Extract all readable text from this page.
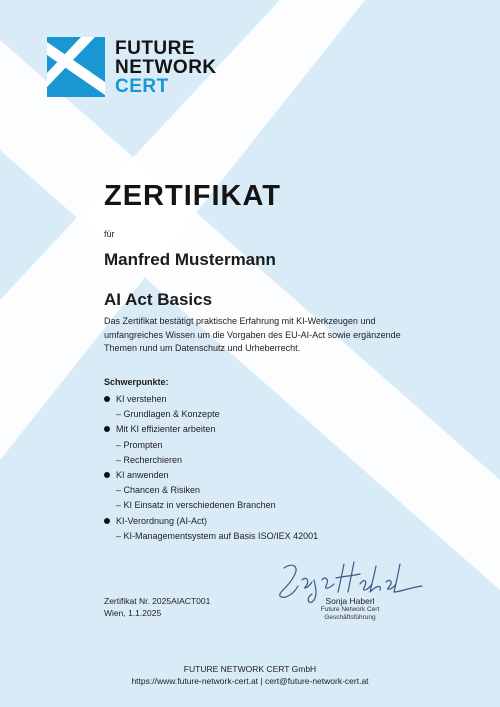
FUTURE
NETWORK
CERT
ZERTIFIKAT
für
Manfred Mustermann
AI Act Basics

Das Zertifikat bestätigt praktische Erfahrung mit KI-Werkzeugen und umfangreiches Wissen um die Vorgaben des EU-AI-Act sowie ergänzende Themen rund um Datenschutz und Urheberrecht.

Schwerpunkte:
KI verstehen
– Grundlagen & Konzepte
Mit KI effizienter arbeiten
– Prompten
– Recherchieren
KI anwenden
– Chancen & Risiken
– KI Einsatz in verschiedenen Branchen
KI-Verordnung (AI-Act)
– KI-Managementsystem auf Basis ISO/IEX 42001
Zertifikat Nr. 2025AIACT001
Wien, 1.1.2025
Sonja Haberl
Future Network Cert
Geschäftsführung
FUTURE NETWORK CERT GmbH
https://www.future-network-cert.at | cert@future-network-cert.at
